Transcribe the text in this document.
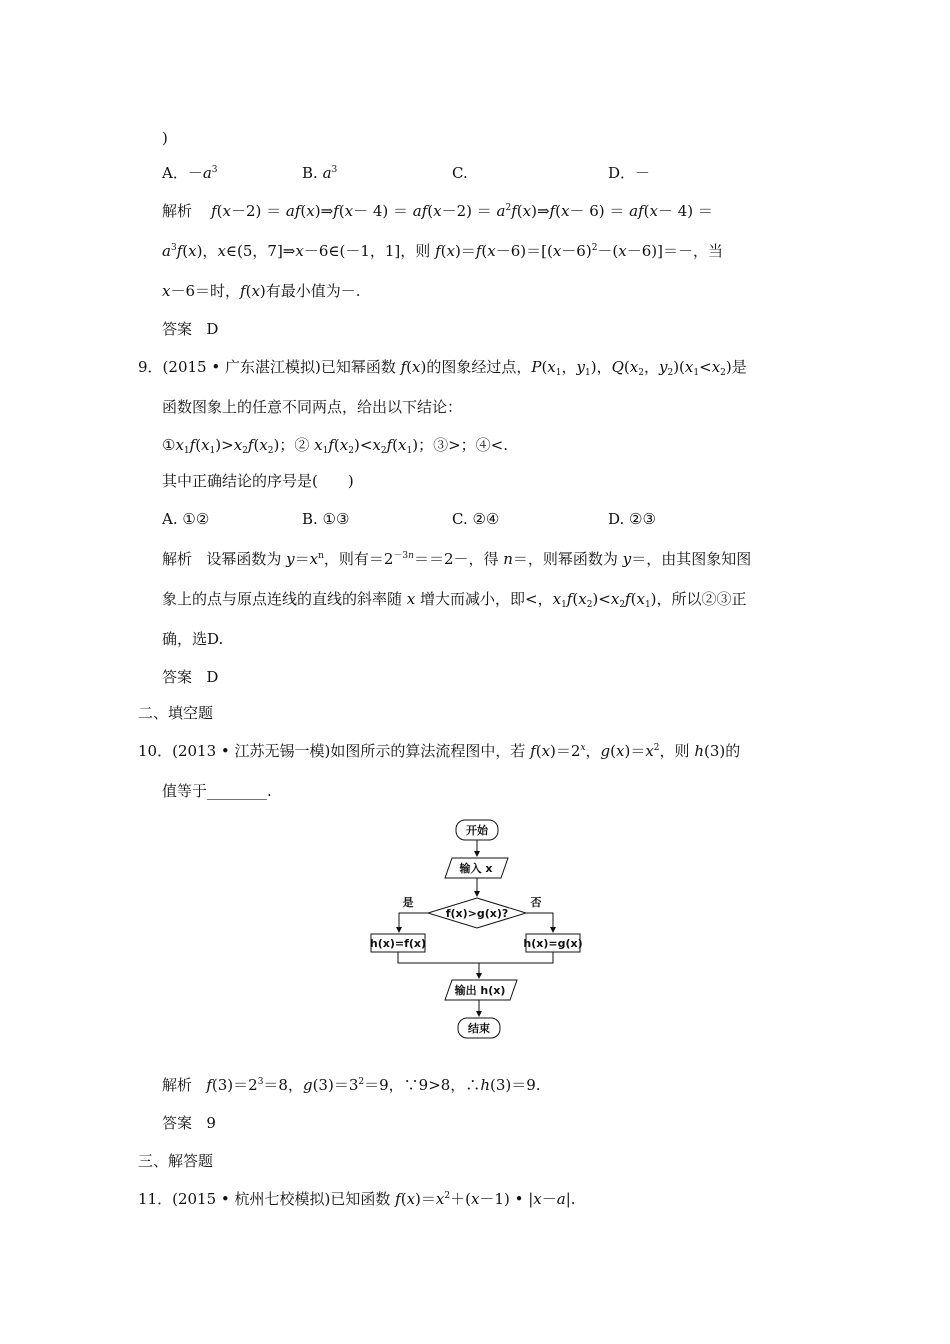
)
A．$-a^3$	B. $a^3$	C.	D．－
解析 f(x－2) ＝ af(x)⇒f(x－ $4) = af(x-2) = a^2f(x)\Rightarrow f(x- 6) = af(x- 4)$ ＝
$a^3f(x)$，x∈(5，7]⇒x－6∈(－1，1]，则 $f(x)=f(x-6)=[(x-6)^2-(x-6)]=-$，当
x－6＝时，f(x)有最小值为－.
答案 D
9．(2015 • 广东湛江模拟)已知幂函数 f(x)的图象经过点，$P(x_1$，$y_1$)，$Q(x_2$，$y_2)(x_1<x_2)$是
函数图象上的任意不同两点，给出以下结论：
$①x_1f(x_1)>x_2f(x_2)$；② $x_1f(x_2)<x_2f(x_1)$；③>；④<.
其中正确结论的序号是(　　)
A. ①②	B. ①③	C. ②④	D. ②③
解析   设幂函数为 $y=x^n$，则有$=2^{-3n}==2-$，得 n＝，则幂函数为 y＝，由其图象知图
象上的点与原点连线的直线的斜率随 x 增大而减小，即<，$x_1f(x_2)<x_2f(x_1)$，所以②③正
确，选D.
答案 D
二、填空题
10．(2013 • 江苏无锡一模)如图所示的算法流程图中，若 $f(x)=2^x$，$g(x)=x^2$，则 h(3)的
值等于________.
开始
输入 x
f(x)>g(x)?
是	否
h(x)=f(x)	h(x)=g(x)
输出 h(x)
结束
解析 $f(3)=2^3=8$，$g(3)=3^2=9$，∵9>8，∴h(3)＝9.
答案 9
三、解答题
11．(2015 • 杭州七校模拟)已知函数 $f(x)=x^2+(x-1)$ • |x－a|.
